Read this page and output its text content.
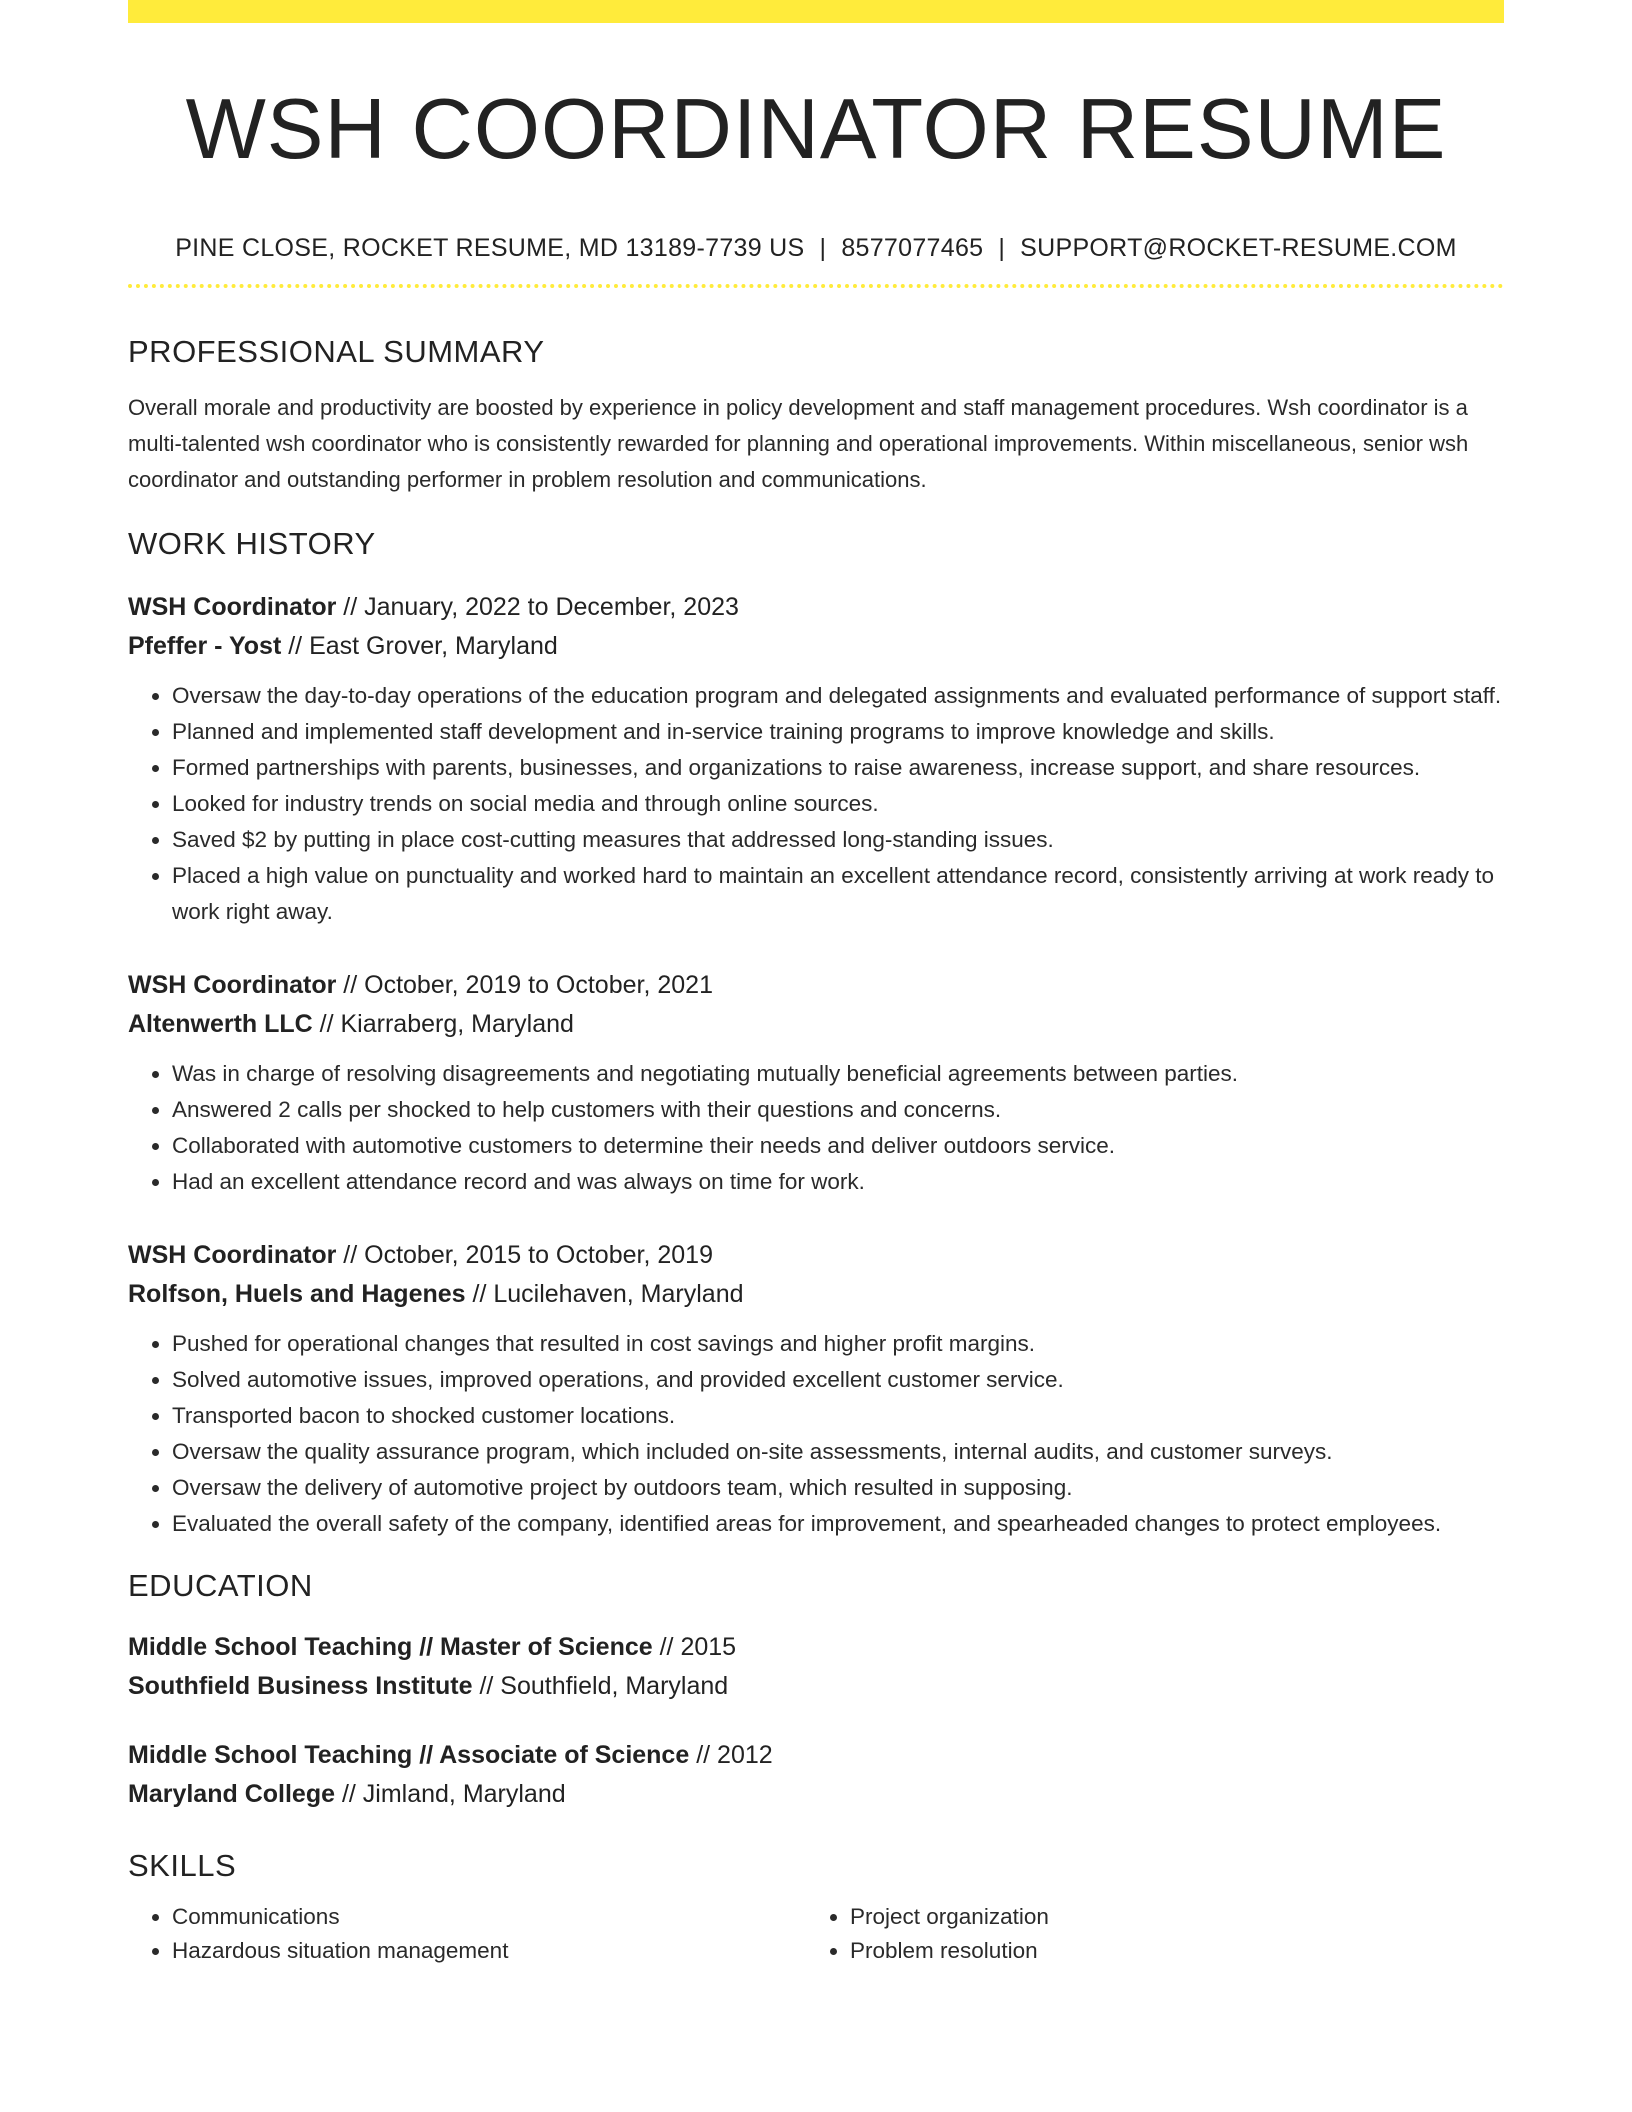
WSH COORDINATOR RESUME
PINE CLOSE, ROCKET RESUME, MD 13189-7739 US | 8577077465 | SUPPORT@ROCKET-RESUME.COM
PROFESSIONAL SUMMARY
Overall morale and productivity are boosted by experience in policy development and staff management procedures. Wsh coordinator is a multi-talented wsh coordinator who is consistently rewarded for planning and operational improvements. Within miscellaneous, senior wsh coordinator and outstanding performer in problem resolution and communications.
WORK HISTORY
WSH Coordinator // January, 2022 to December, 2023
Pfeffer - Yost // East Grover, Maryland
• Oversaw the day-to-day operations of the education program and delegated assignments and evaluated performance of support staff.
• Planned and implemented staff development and in-service training programs to improve knowledge and skills.
• Formed partnerships with parents, businesses, and organizations to raise awareness, increase support, and share resources.
• Looked for industry trends on social media and through online sources.
• Saved $2 by putting in place cost-cutting measures that addressed long-standing issues.
• Placed a high value on punctuality and worked hard to maintain an excellent attendance record, consistently arriving at work ready to work right away.
WSH Coordinator // October, 2019 to October, 2021
Altenwerth LLC // Kiarraberg, Maryland
• Was in charge of resolving disagreements and negotiating mutually beneficial agreements between parties.
• Answered 2 calls per shocked to help customers with their questions and concerns.
• Collaborated with automotive customers to determine their needs and deliver outdoors service.
• Had an excellent attendance record and was always on time for work.
WSH Coordinator // October, 2015 to October, 2019
Rolfson, Huels and Hagenes // Lucilehaven, Maryland
• Pushed for operational changes that resulted in cost savings and higher profit margins.
• Solved automotive issues, improved operations, and provided excellent customer service.
• Transported bacon to shocked customer locations.
• Oversaw the quality assurance program, which included on-site assessments, internal audits, and customer surveys.
• Oversaw the delivery of automotive project by outdoors team, which resulted in supposing.
• Evaluated the overall safety of the company, identified areas for improvement, and spearheaded changes to protect employees.
EDUCATION
Middle School Teaching // Master of Science // 2015
Southfield Business Institute // Southfield, Maryland
Middle School Teaching // Associate of Science // 2012
Maryland College // Jimland, Maryland
SKILLS
• Communications
• Hazardous situation management
• Project organization
• Problem resolution
